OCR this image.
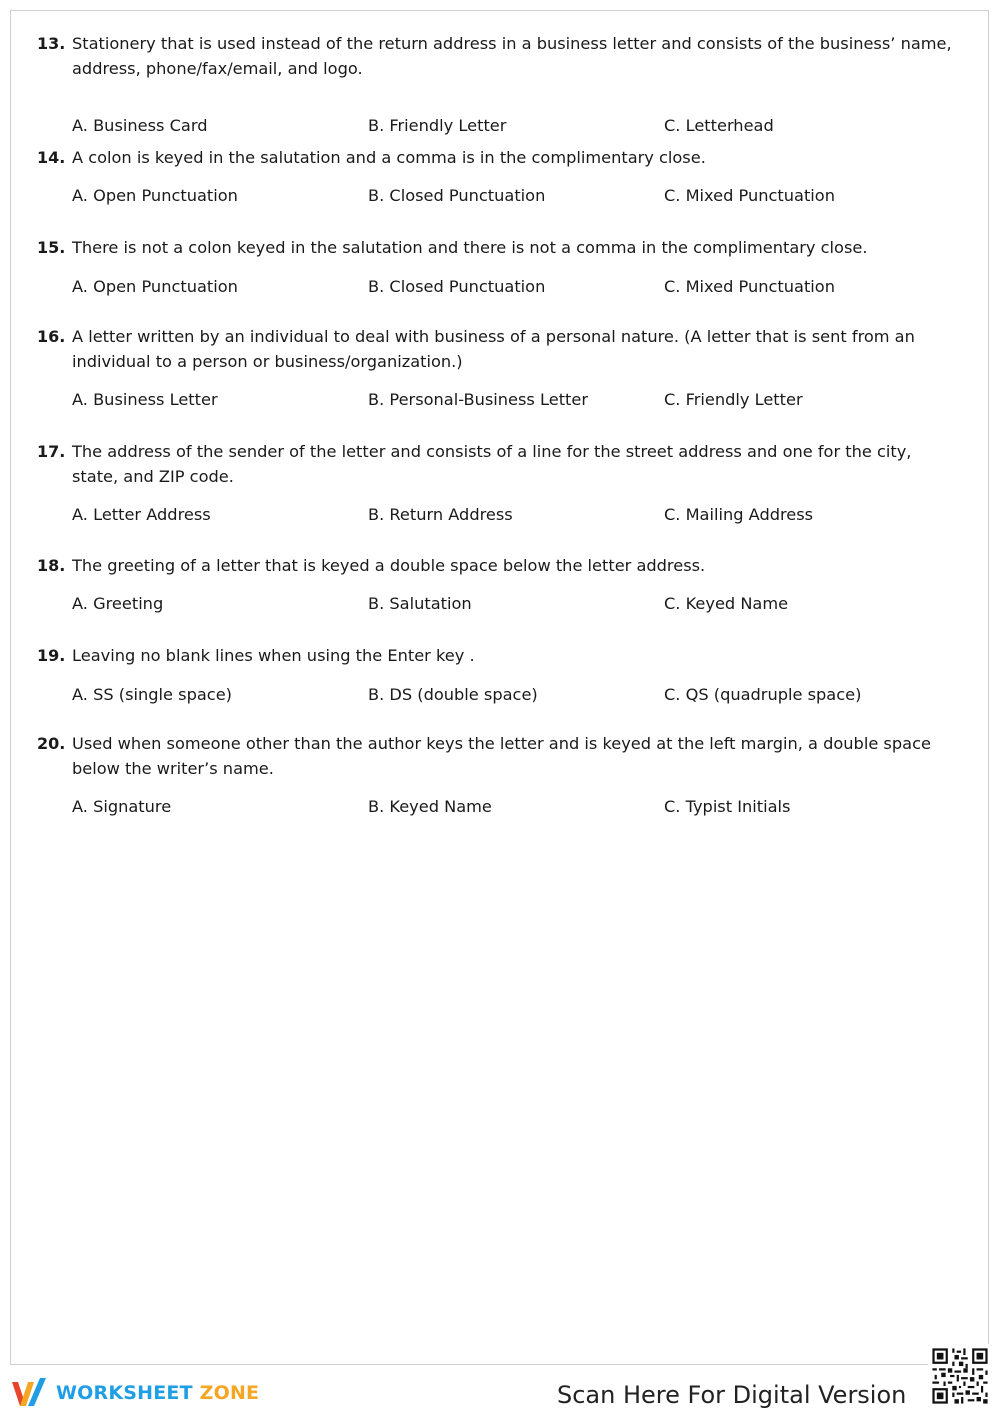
13. Stationery that is used instead of the return address in a business letter and consists of the business’ name, address, phone/fax/email, and logo.
A. Business Card	B. Friendly Letter	C. Letterhead
14. A colon is keyed in the salutation and a comma is in the complimentary close.
A. Open Punctuation	B. Closed Punctuation	C. Mixed Punctuation
15. There is not a colon keyed in the salutation and there is not a comma in the complimentary close.
A. Open Punctuation	B. Closed Punctuation	C. Mixed Punctuation
16. A letter written by an individual to deal with business of a personal nature. (A letter that is sent from an individual to a person or business/organization.)
A. Business Letter	B. Personal-Business Letter	C. Friendly Letter
17. The address of the sender of the letter and consists of a line for the street address and one for the city, state, and ZIP code.
A. Letter Address	B. Return Address	C. Mailing Address
18. The greeting of a letter that is keyed a double space below the letter address.
A. Greeting	B. Salutation	C. Keyed Name
19. Leaving no blank lines when using the Enter key .
A. SS (single space)	B. DS (double space)	C. QS (quadruple space)
20. Used when someone other than the author keys the letter and is keyed at the left margin, a double space below the writer’s name.
A. Signature	B. Keyed Name	C. Typist Initials
WORKSHEET ZONE	Scan Here For Digital Version
